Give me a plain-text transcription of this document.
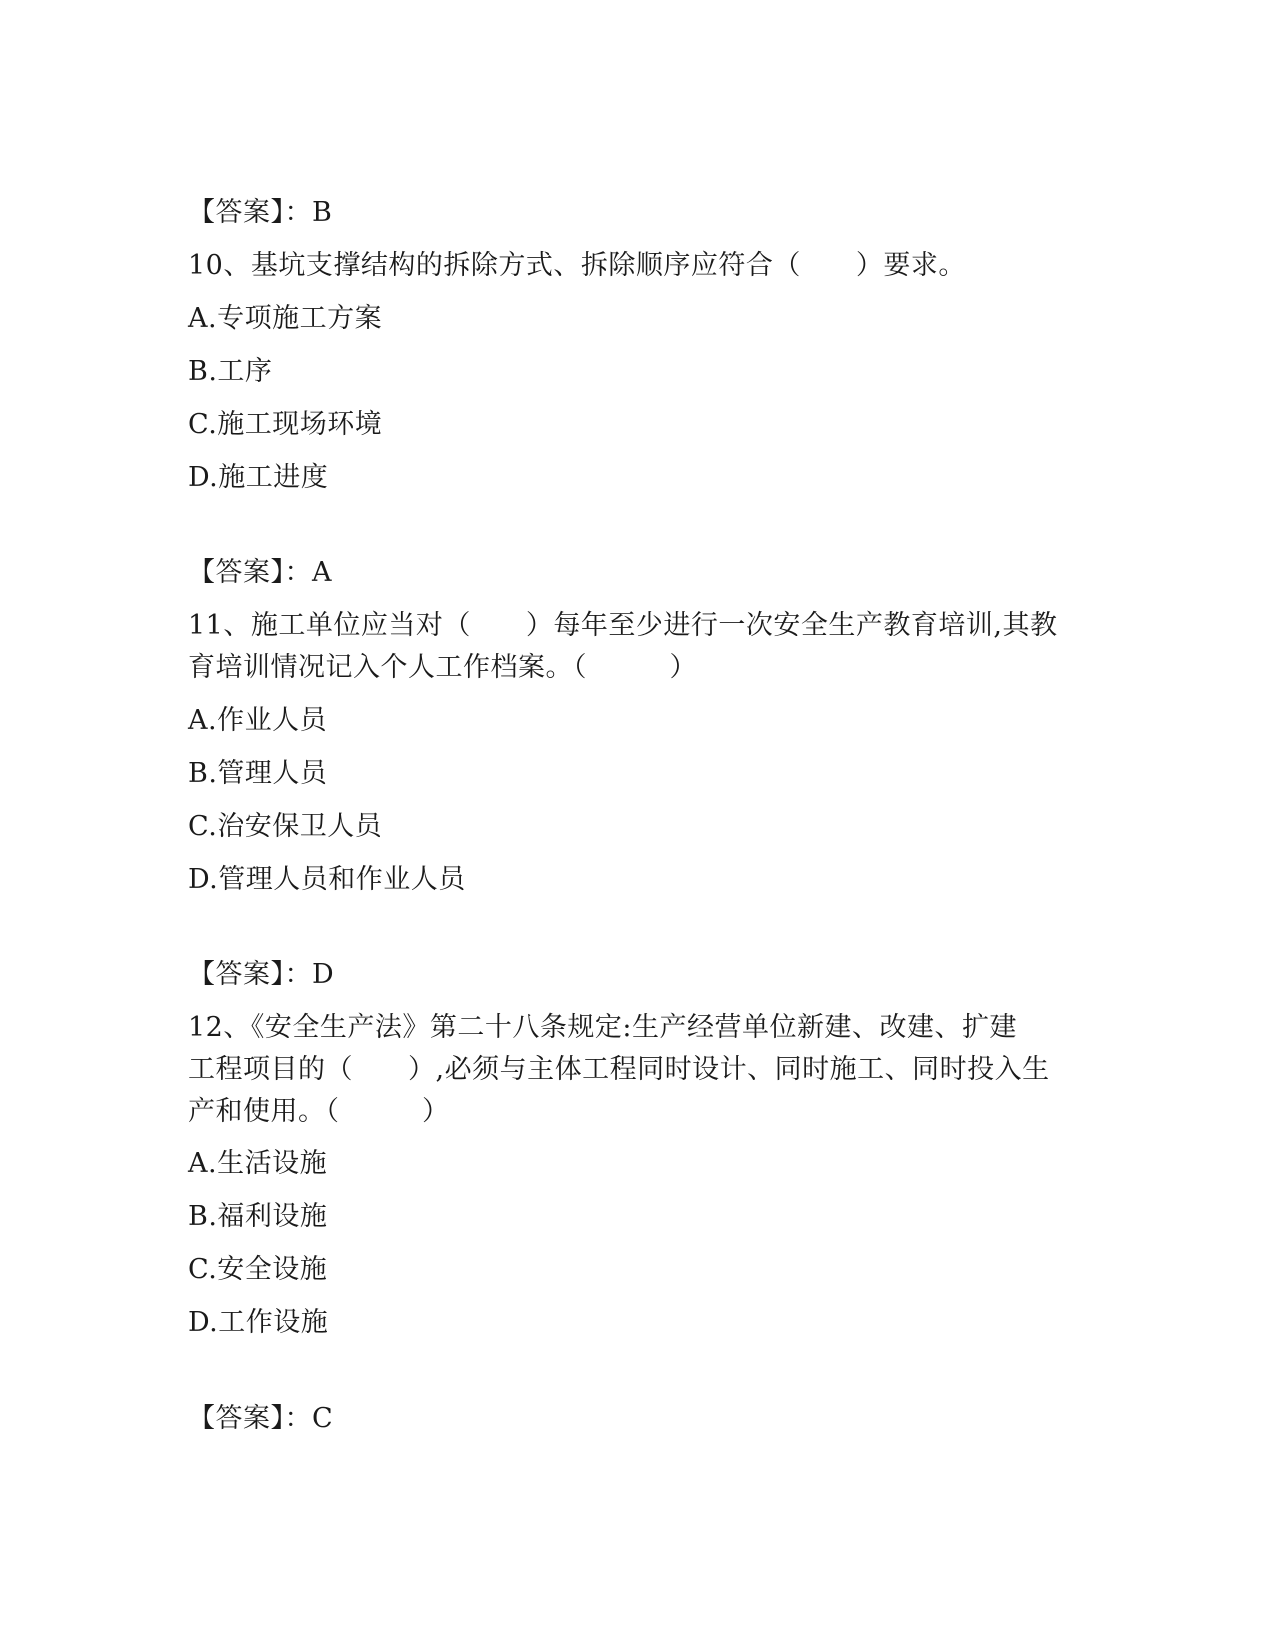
【答案】：B
10、基坑支撑结构的拆除方式、拆除顺序应符合（　　）要求。
A.专项施工方案
B.工序
C.施工现场环境
D.施工进度
【答案】：A
11、施工单位应当对（　　）每年至少进行一次安全生产教育培训,其教
育培训情况记入个人工作档案。（　　　）
A.作业人员
B.管理人员
C.治安保卫人员
D.管理人员和作业人员
【答案】：D
12、《安全生产法》第二十八条规定:生产经营单位新建、改建、扩建
工程项目的（　　）,必须与主体工程同时设计、同时施工、同时投入生
产和使用。（　　　）
A.生活设施
B.福利设施
C.安全设施
D.工作设施
【答案】：C
